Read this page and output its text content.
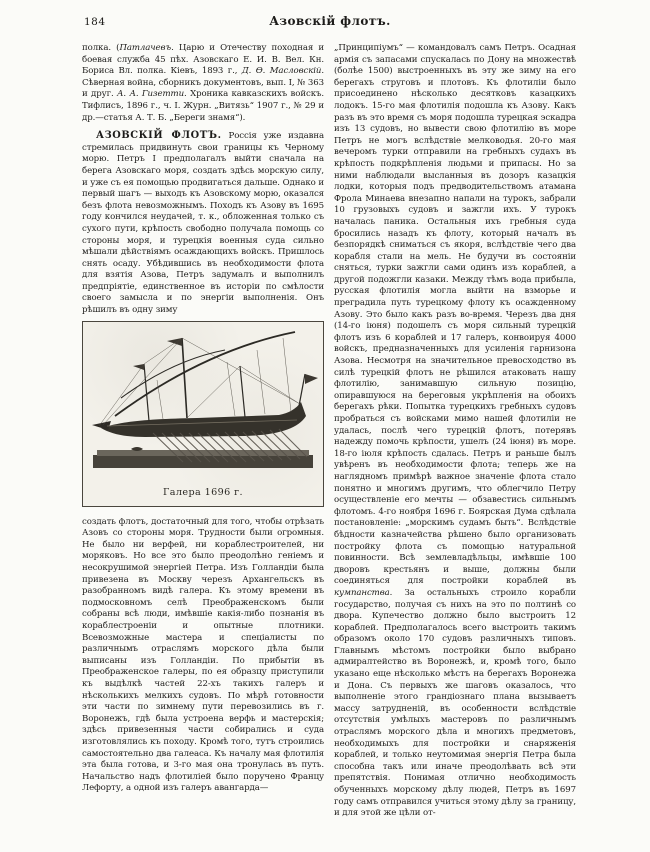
184	Азовскій флотъ.

полка. (Патлачевъ. Царю и Отечеству походная и боевая служба 45 пѣх. Азовскаго Е. И. В. Вел. Кн. Бориса Вл. полка. Кіевъ, 1893 г., Д. Ѳ. Масловскій. Сѣверная война, сборникъ документовъ, вып. I, № 363 и друг. А. А. Гизетти. Хроника кавказскихъ войскъ. Тифлисъ, 1896 г., ч. I. Журн. „Витязь“ 1907 г., № 29 и др.—статья А. Т. Б. „Береги знамя“).

АЗОВСКІЙ ФЛОТЪ. Россія уже издавна стремилась придвинуть свои границы къ Черному морю. Петръ I предполагалъ выйти сначала на берега Азовскаго моря, создать здѣсь морскую силу, и уже съ ея помощью продвигаться дальше. Однако и первый шагъ — выходъ къ Азовскому морю, оказался безъ флота невозможнымъ. Походъ къ Азову въ 1695 году кончился неудачей, т. к., обложенная только съ сухого пути, крѣпость свободно получала помощь со стороны моря, и турецкія военныя суда сильно мѣшали дѣйствіямъ осаждающихъ войскъ. Пришлось снять осаду. Убѣдившись въ необходимости флота для взятія Азова, Петръ задумалъ и выполнилъ предпріятіе, единственное въ исторіи по смѣлости своего замысла и по энергіи выполненія. Онъ рѣшилъ въ одну зиму

Галера 1696 г.

создать флотъ, достаточный для того, чтобы отрѣзать Азовъ со стороны моря. Трудности были огромныя. Не было ни верфей, ни кораблестроителей, ни моряковъ. Но все это было преодолѣно геніемъ и несокрушимой энергіей Петра. Изъ Голландіи была привезена въ Москву черезъ Архангельскъ въ разобранномъ видѣ галера. Къ этому времени въ подмосковномъ селѣ Преображенскомъ были собраны всѣ люди, имѣвшіе какія-либо познанія въ кораблестроеніи и опытные плотники. Всевозможные мастера и спеціалисты по различнымъ отраслямъ морского дѣла были выписаны изъ Голландіи. По прибытіи въ Преображенское галеры, по ея образцу приступили къ выдѣлкѣ частей 22-хъ такихъ галеръ и нѣсколькихъ мелкихъ судовъ. По мѣрѣ готовности эти части по зимнему пути перевозились въ г. Воронежъ, гдѣ была устроена верфь и мастерскія; здѣсь привезенныя части собирались и суда изготовлялись къ походу. Кромѣ того, тутъ строились самостоятельно два галеаса. Къ началу мая флотилія эта была готова, и 3-го мая она тронулась въ путь. Начальство надъ флотиліей было поручено Францу Лефорту, а одной изъ галеръ авангарда—

„Принципіумъ“ — командовалъ самъ Петръ. Осадная армія съ запасами спускалась по Дону на множествѣ (болѣе 1500) выстроенныхъ въ эту же зиму на его берегахъ струговъ и плотовъ. Къ флотиліи было присоединено нѣсколько десятковъ казацкихъ лодокъ. 15-го мая флотилія подошла къ Азову. Какъ разъ въ это время съ моря подошла турецкая эскадра изъ 13 судовъ, но вывести свою флотилію въ море Петръ не могъ вслѣдствіе мелководья. 20-го мая вечеромъ турки отправили на гребныхъ судахъ въ крѣпость подкрѣпленія людьми и припасы. Но за ними наблюдали высланныя въ дозоръ казацкія лодки, которыя подъ предводительствомъ атамана Фрола Минаева внезапно напали на турокъ, забрали 10 грузовыхъ судовъ и зажгли ихъ. У турокъ началась паника. Остальныя ихъ гребныя суда бросились назадъ къ флоту, который началъ въ безпорядкѣ сниматься съ якоря, вслѣдствіе чего два корабля стали на мель. Не будучи въ состояніи сняться, турки зажгли сами одинъ изъ кораблей, а другой подожгли казаки. Между тѣмъ вода прибыла, русская флотилія могла выйти на взморье и преградила путь турецкому флоту къ осажденному Азову. Это было какъ разъ во-время. Черезъ два дня (14-го іюня) подошелъ съ моря сильный турецкій флотъ изъ 6 кораблей и 17 галеръ, конвоируя 4000 войскъ, предназначенныхъ для усиленія гарнизона Азова. Несмотря на значительное превосходство въ силѣ турецкій флотъ не рѣшился атаковать нашу флотилію, занимавшую сильную позицію, опиравшуюся на береговыя укрѣпленія на обоихъ берегахъ рѣки. Попытка турецкихъ гребныхъ судовъ пробраться съ войсками мимо нашей флотиліи не удалась, послѣ чего турецкій флотъ, потерявъ надежду помочь крѣпости, ушелъ (24 іюня) въ море. 18-го іюля крѣпость сдалась. Петръ и раньше былъ увѣренъ въ необходимости флота; теперь же на наглядномъ примѣрѣ важное значеніе флота стало понятно и многимъ другимъ, что облегчило Петру осуществленіе его мечты — обзавестись сильнымъ флотомъ. 4-го ноября 1696 г. Боярская Дума сдѣлала постановленіе: „морскимъ судамъ быть“. Вслѣдствіе бѣдности казначейства рѣшено было организовать постройку флота съ помощью натуральной повинности. Всѣ землевладѣльцы, имѣвшіе 100 дворовъ крестьянъ и выше, должны были соединяться для постройки кораблей въ кумпанства. За остальныхъ строило корабли государство, получая съ нихъ на это по полтинѣ со двора. Купечество должно было выстроить 12 кораблей. Предполагалось всего выстроить такимъ образомъ около 170 судовъ различныхъ типовъ. Главнымъ мѣстомъ постройки было выбрано адмиралтейство въ Воронежѣ, и, кромѣ того, было указано еще нѣсколько мѣстъ на берегахъ Воронежа и Дона. Съ первыхъ же шаговъ оказалось, что выполненіе этого грандіознаго плана вызываетъ массу затрудненій, въ особенности вслѣдствіе отсутствія умѣлыхъ мастеровъ по различнымъ отраслямъ морского дѣла и многихъ предметовъ, необходимыхъ для постройки и снаряженія кораблей, и только неутомимая энергія Петра была способна такъ или иначе преодолѣвать всѣ эти препятствія. Понимая отлично необходимость обученныхъ морскому дѣлу людей, Петръ въ 1697 году самъ отправился учиться этому дѣлу за границу, и для этой же цѣли от-
